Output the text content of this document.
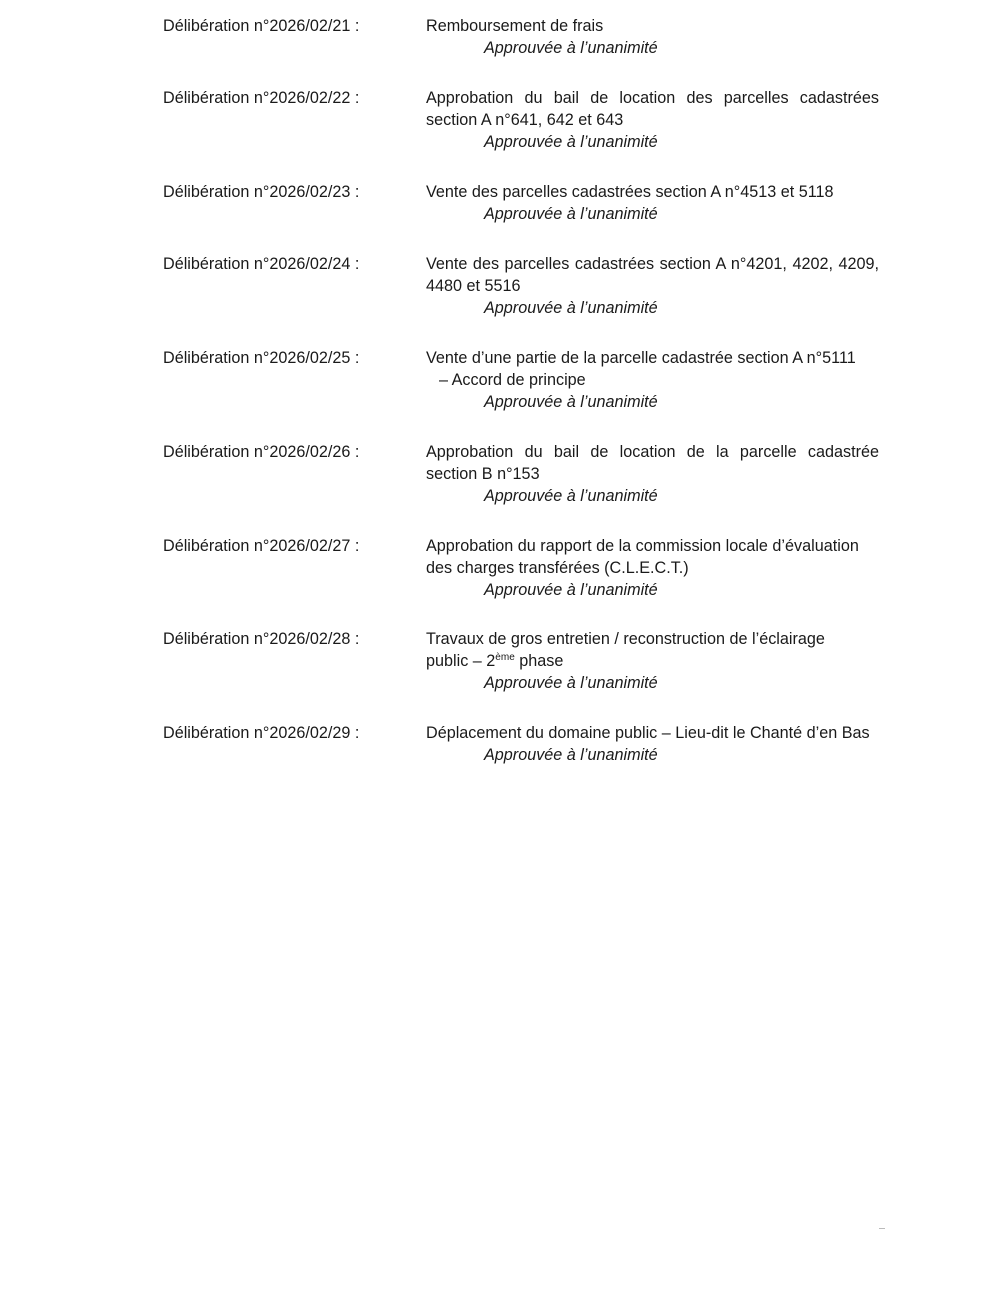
Délibération n°2026/02/21 :	Remboursement de frais
Approuvée à l’unanimité
Délibération n°2026/02/22 :	Approbation du bail de location des parcelles cadastrées section A n°641, 642 et 643
Approuvée à l’unanimité
Délibération n°2026/02/23 :	Vente des parcelles cadastrées section A n°4513 et 5118
Approuvée à l’unanimité
Délibération n°2026/02/24 :	Vente des parcelles cadastrées section A n°4201, 4202, 4209, 4480 et 5516
Approuvée à l’unanimité
Délibération n°2026/02/25 :	Vente d’une partie de la parcelle cadastrée section A n°5111
– Accord de principe
Approuvée à l’unanimité
Délibération n°2026/02/26 :	Approbation du bail de location de la parcelle cadastrée section B n°153
Approuvée à l’unanimité
Délibération n°2026/02/27 :	Approbation du rapport de la commission locale d’évaluation des charges transférées (C.L.E.C.T.)
Approuvée à l’unanimité
Délibération n°2026/02/28 :	Travaux de gros entretien / reconstruction de l’éclairage
public – 2ème phase
Approuvée à l’unanimité
Délibération n°2026/02/29 :	Déplacement du domaine public – Lieu-dit le Chanté d’en Bas
Approuvée à l’unanimité
